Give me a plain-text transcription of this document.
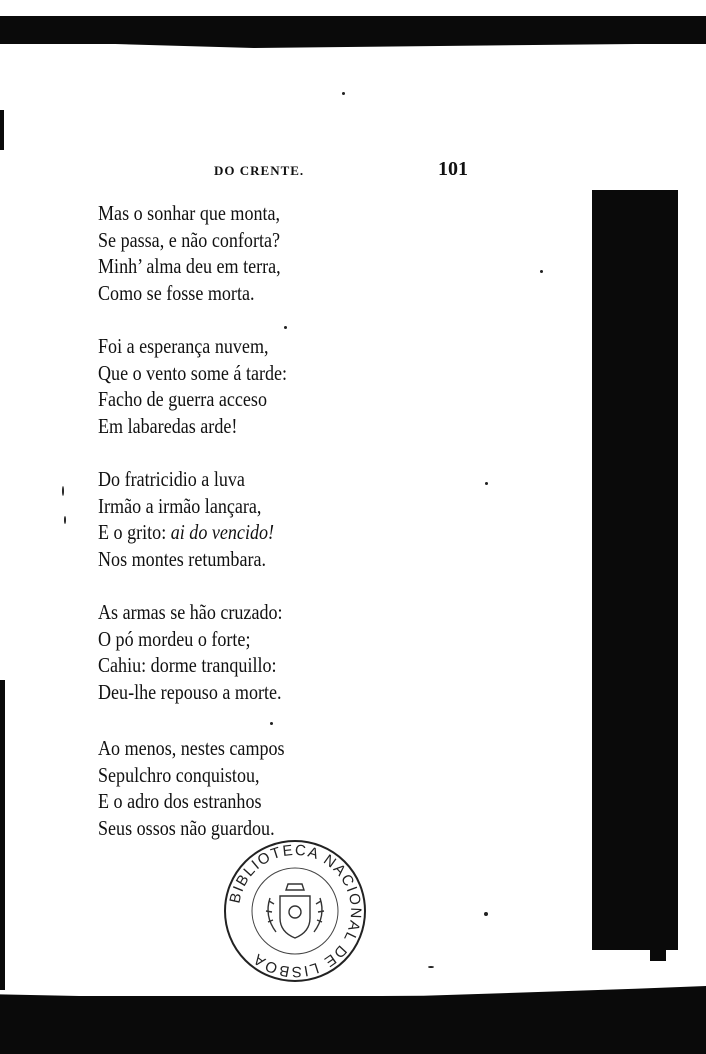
DO CRENTE.	101
Mas o sonhar que monta,
Se passa, e não conforta?
Minh’ alma deu em terra,
Como se fosse morta.
Foi a esperança nuvem,
Que o vento some á tarde:
Facho de guerra acceso
Em labaredas arde!
Do fratricidio a luva
Irmão a irmão lançara,
E o grito: ai do vencido!
Nos montes retumbara.
As armas se hão cruzado:
O pó mordeu o forte;
Cahiu: dorme tranquillo:
Deu-lhe repouso a morte.
Ao menos, nestes campos
Sepulchro conquistou,
E o adro dos estranhos
Seus ossos não guardou.
BIBLIOTECA NACIONAL DE LISBOA
